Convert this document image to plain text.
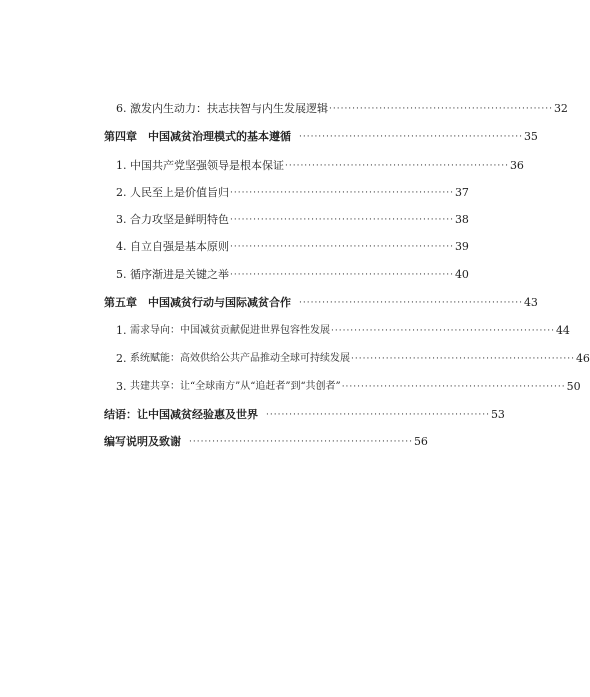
6. 激发内生动力：扶志扶智与内生发展逻辑 ·························································· 32
第四章　中国减贫治理模式的基本遵循 ·························································· 35
1. 中国共产党坚强领导是根本保证 ·························································· 36
2. 人民至上是价值旨归 ·························································· 37
3. 合力攻坚是鲜明特色 ·························································· 38
4. 自立自强是基本原则 ·························································· 39
5. 循序渐进是关键之举 ·························································· 40
第五章　中国减贫行动与国际减贫合作 ·························································· 43
1. 需求导向：中国减贫贡献促进世界包容性发展 ·························································· 44
2. 系统赋能：高效供给公共产品推动全球可持续发展 ·························································· 46
3. 共建共享：让“全球南方”从“追赶者”到“共创者” ·························································· 50
结语：让中国减贫经验惠及世界 ·························································· 53
编写说明及致谢 ·························································· 56
